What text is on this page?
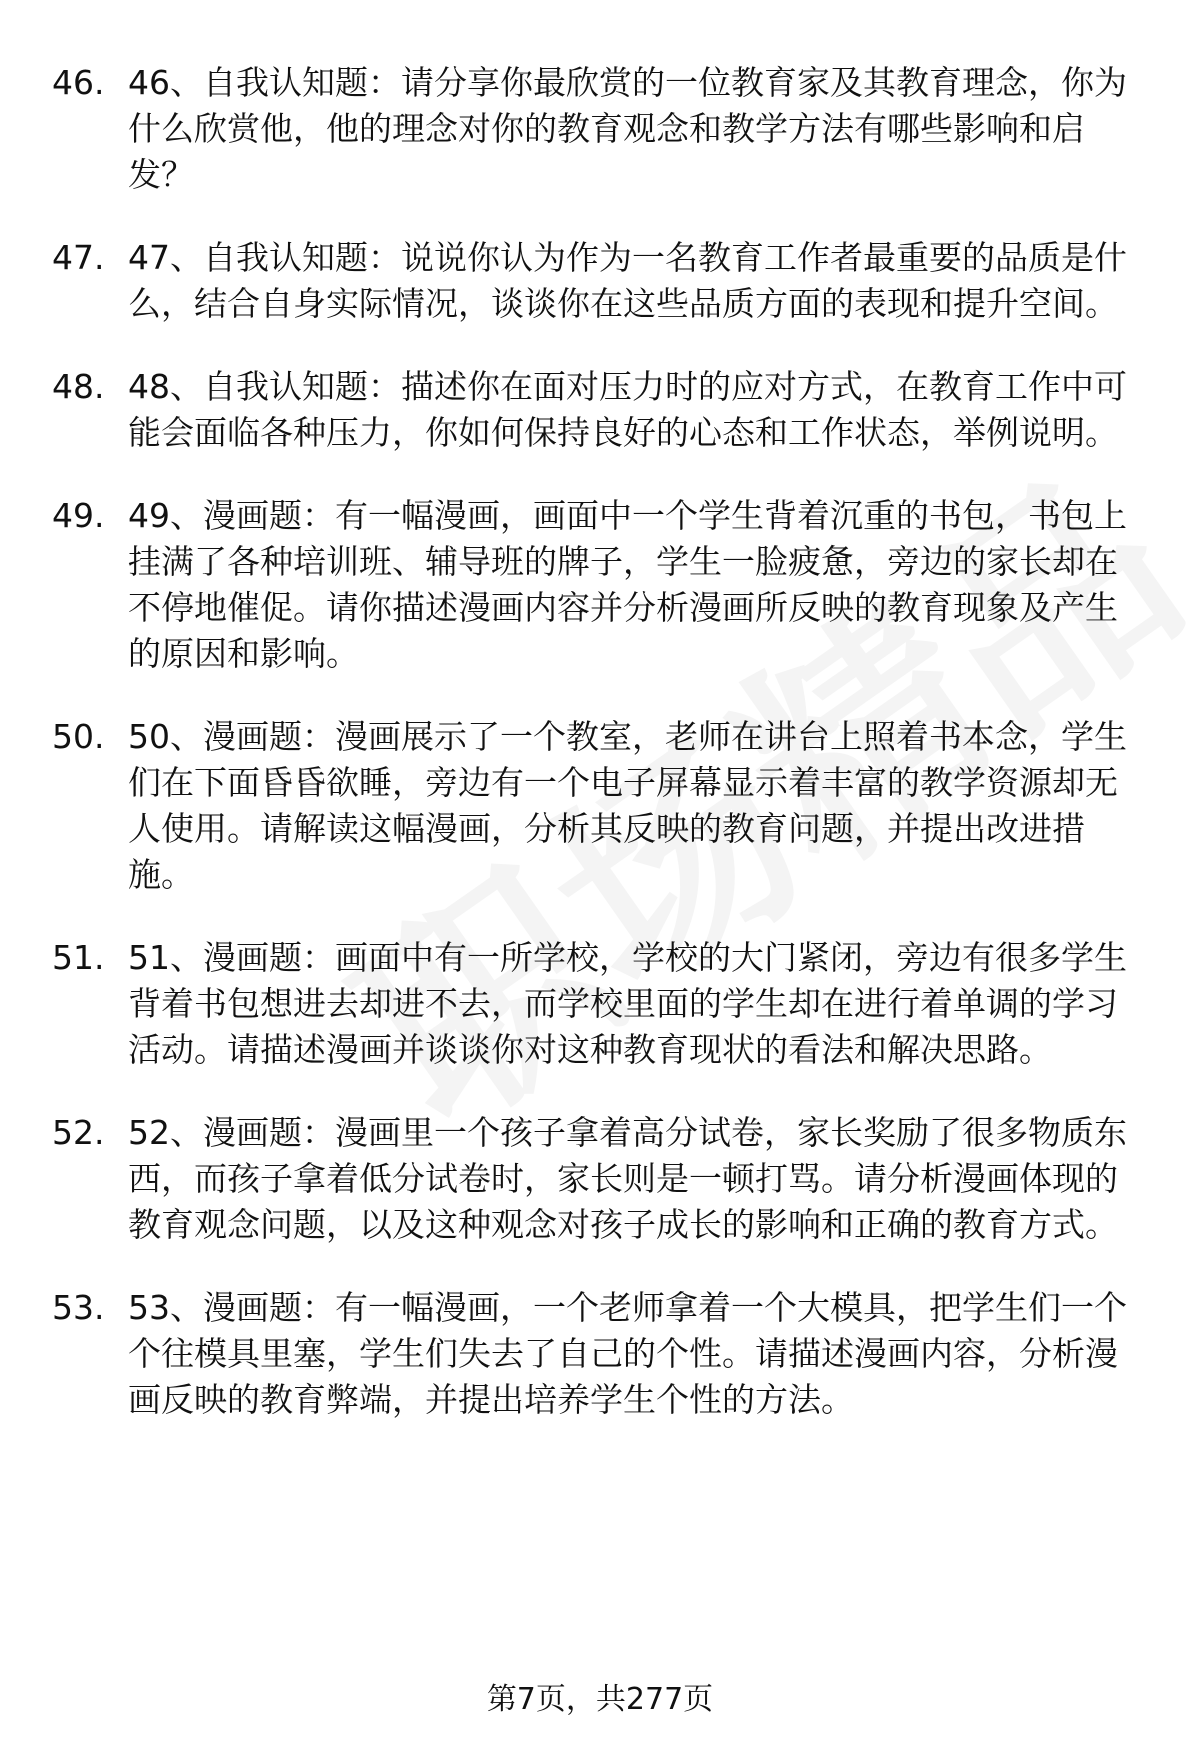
46. 46、自我认知题：请分享你最欣赏的一位教育家及其教育理念，你为什么欣赏他，他的理念对你的教育观念和教学方法有哪些影响和启发？
47. 47、自我认知题：说说你认为作为一名教育工作者最重要的品质是什么，结合自身实际情况，谈谈你在这些品质方面的表现和提升空间。
48. 48、自我认知题：描述你在面对压力时的应对方式，在教育工作中可能会面临各种压力，你如何保持良好的心态和工作状态，举例说明。
49. 49、漫画题：有一幅漫画，画面中一个学生背着沉重的书包，书包上挂满了各种培训班、辅导班的牌子，学生一脸疲惫，旁边的家长却在不停地催促。请你描述漫画内容并分析漫画所反映的教育现象及产生的原因和影响。
50. 50、漫画题：漫画展示了一个教室，老师在讲台上照着书本念，学生们在下面昏昏欲睡，旁边有一个电子屏幕显示着丰富的教学资源却无人使用。请解读这幅漫画，分析其反映的教育问题，并提出改进措施。
51. 51、漫画题：画面中有一所学校，学校的大门紧闭，旁边有很多学生背着书包想进去却进不去，而学校里面的学生却在进行着单调的学习活动。请描述漫画并谈谈你对这种教育现状的看法和解决思路。
52. 52、漫画题：漫画里一个孩子拿着高分试卷，家长奖励了很多物质东西，而孩子拿着低分试卷时，家长则是一顿打骂。请分析漫画体现的教育观念问题，以及这种观念对孩子成长的影响和正确的教育方式。
53. 53、漫画题：有一幅漫画，一个老师拿着一个大模具，把学生们一个个往模具里塞，学生们失去了自己的个性。请描述漫画内容，分析漫画反映的教育弊端，并提出培养学生个性的方法。
第7页，共277页
